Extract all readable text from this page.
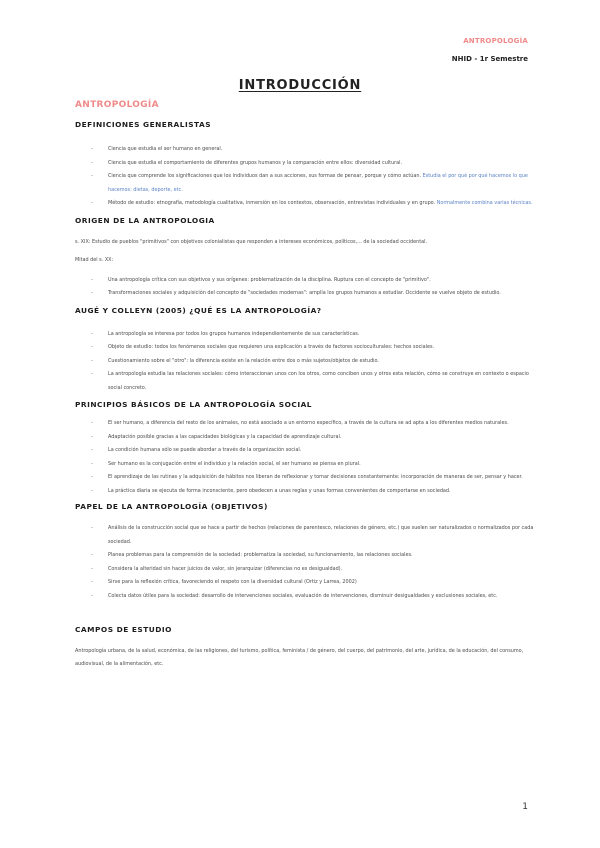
ANTROPOLOGÍA
NHID - 1r Semestre
INTRODUCCIÓN
ANTROPOLOGÍA
DEFINICIONES GENERALISTAS
- Ciencia que estudia el ser humano en general.
- Ciencia que estudia el comportamiento de diferentes grupos humanos y la comparación entre ellos: diversidad cultural.
- Ciencia que comprende los significaciones que los individuos dan a sus acciones, sus formas de pensar, porque y cómo actúan. Estudia el por qué por qué hacemos lo que hacemos: dietas, deporte, etc.
- Método de estudio: etnografía, metodología cualitativa, inmersión en los contextos, observación, entrevistas individuales y en grupo. Normalmente combina varias técnicas.
ORIGEN DE LA ANTROPOLOGIA
s. XIX: Estudio de pueblos "primitivos" con objetivos colonialistas que responden a intereses económicos, políticos,... de la sociedad occidental.
Mitad del s. XX:
- Una antropología crítica con sus objetivos y sus orígenes: problematización de la disciplina. Ruptura con el concepto de "primitivo".
- Transformaciones sociales y adquisición del concepto de "sociedades modernas": amplía los grupos humanos a estudiar. Occidente se vuelve objeto de estudio.
AUGÉ Y COLLEYN (2005) ¿QUÉ ES LA ANTROPOLOGÍA?
- La antropología se interesa por todos los grupos humanos independientemente de sus características.
- Objeto de estudio: todos los fenómenos sociales que requieren una explicación a través de factores socioculturales: hechos sociales.
- Cuestionamiento sobre el "otro": la diferencia existe en la relación entre dos o más sujetos/objetos de estudio.
- La antropología estudia las relaciones sociales: cómo interaccionan unos con los otros, como conciben unos y otros esta relación, cómo se construye en contexto o espacio social concreto.
PRINCIPIOS BÁSICOS DE LA ANTROPOLOGÍA SOCIAL
- El ser humano, a diferencia del resto de los animales, no está asociado a un entorno específico, a través de la cultura se ad apta a los diferentes medios naturales.
- Adaptación posible gracias a las capacidades biológicas y la capacidad de aprendizaje cultural.
- La condición humana sólo se puede abordar a través de la organización social.
- Ser humano es la conjugación entre el individuo y la relación social, el ser humano se piensa en plural.
- El aprendizaje de las rutinas y la adquisición de hábitos nos liberan de reflexionar y tomar decisiones constantemente: incorporación de maneras de ser, pensar y hacer.
- La práctica diaria se ejecuta de forma inconsciente, pero obedecen a unas reglas y unas formas convenientes de comportarse en sociedad.
PAPEL DE LA ANTROPOLOGÍA (OBJETIVOS)
- Análisis de la construcción social que se hace a partir de hechos (relaciones de parentesco, relaciones de género, etc.) que suelen ser naturalizados o normalizados por cada sociedad.
- Planea problemas para la comprensión de la sociedad: problematiza la sociedad, su funcionamiento, las relaciones sociales.
- Considera la alteridad sin hacer juicios de valor, sin jerarquizar (diferencias no es desigualdad).
- Sirve para la reflexión crítica, favoreciendo el respeto con la diversidad cultural (Ortiz y Larrea, 2002)
- Colecta datos útiles para la sociedad: desarrollo de intervenciones sociales, evaluación de intervenciones, disminuir desigualdades y exclusiones sociales, etc.
CAMPOS DE ESTUDIO
Antropología urbana, de la salud, económica, de las religiones, del turismo, política, feminista / de género, del cuerpo, del patrimonio, del arte, jurídica, de la educación, del consumo, audiovisual, de la alimentación, etc.
1
